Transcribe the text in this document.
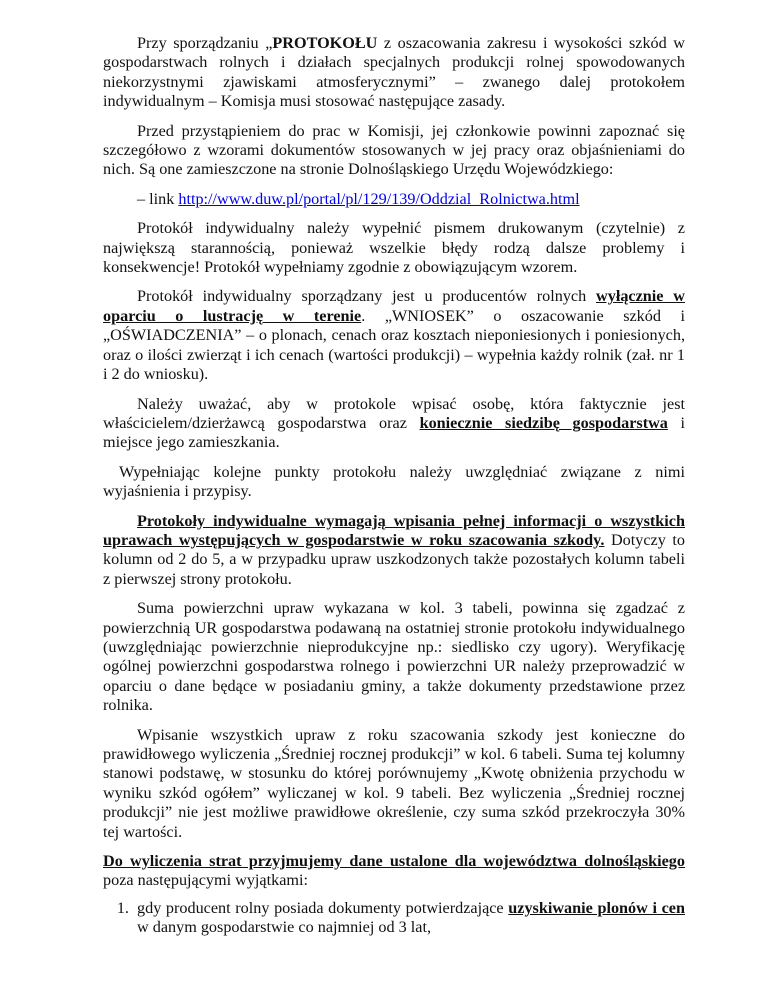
Przy sporządzaniu „PROTOKOŁU z oszacowania zakresu i wysokości szkód w gospodarstwach rolnych i działach specjalnych produkcji rolnej spowodowanych niekorzystnymi zjawiskami atmosferycznymi” – zwanego dalej protokołem indywidualnym – Komisja musi stosować następujące zasady.

Przed przystąpieniem do prac w Komisji, jej członkowie powinni zapoznać się szczegółowo z wzorami dokumentów stosowanych w jej pracy oraz objaśnieniami do nich. Są one zamieszczone na stronie Dolnośląskiego Urzędu Wojewódzkiego:

– link http://www.duw.pl/portal/pl/129/139/Oddzial_Rolnictwa.html

Protokół indywidualny należy wypełnić pismem drukowanym (czytelnie) z największą starannością, ponieważ wszelkie błędy rodzą dalsze problemy i konsekwencje! Protokół wypełniamy zgodnie z obowiązującym wzorem.

Protokół indywidualny sporządzany jest u producentów rolnych wyłącznie w oparciu o lustrację w terenie. „WNIOSEK” o oszacowanie szkód i „OŚWIADCZENIA” – o plonach, cenach oraz kosztach nieponiesionych i poniesionych, oraz o ilości zwierząt i ich cenach (wartości produkcji) – wypełnia każdy rolnik (zał. nr 1 i 2 do wniosku).

Należy uważać, aby w protokole wpisać osobę, która faktycznie jest właścicielem/dzierżawcą gospodarstwa oraz koniecznie siedzibę gospodarstwa i miejsce jego zamieszkania.

Wypełniając kolejne punkty protokołu należy uwzględniać związane z nimi wyjaśnienia i przypisy.

Protokoły indywidualne wymagają wpisania pełnej informacji o wszystkich uprawach występujących w gospodarstwie w roku szacowania szkody. Dotyczy to kolumn od 2 do 5, a w przypadku upraw uszkodzonych także pozostałych kolumn tabeli z pierwszej strony protokołu.

Suma powierzchni upraw wykazana w kol. 3 tabeli, powinna się zgadzać z powierzchnią UR gospodarstwa podawaną na ostatniej stronie protokołu indywidualnego (uwzględniając powierzchnie nieprodukcyjne np.: siedlisko czy ugory). Weryfikację ogólnej powierzchni gospodarstwa rolnego i powierzchni UR należy przeprowadzić w oparciu o dane będące w posiadaniu gminy, a także dokumenty przedstawione przez rolnika.

Wpisanie wszystkich upraw z roku szacowania szkody jest konieczne do prawidłowego wyliczenia „Średniej rocznej produkcji” w kol. 6 tabeli. Suma tej kolumny stanowi podstawę, w stosunku do której porównujemy „Kwotę obniżenia przychodu w wyniku szkód ogółem” wyliczanej w kol. 9 tabeli. Bez wyliczenia „Średniej rocznej produkcji” nie jest możliwe prawidłowe określenie, czy suma szkód przekroczyła 30% tej wartości.

Do wyliczenia strat przyjmujemy dane ustalone dla województwa dolnośląskiego poza następującymi wyjątkami:

1. gdy producent rolny posiada dokumenty potwierdzające uzyskiwanie plonów i cen w danym gospodarstwie co najmniej od 3 lat,
